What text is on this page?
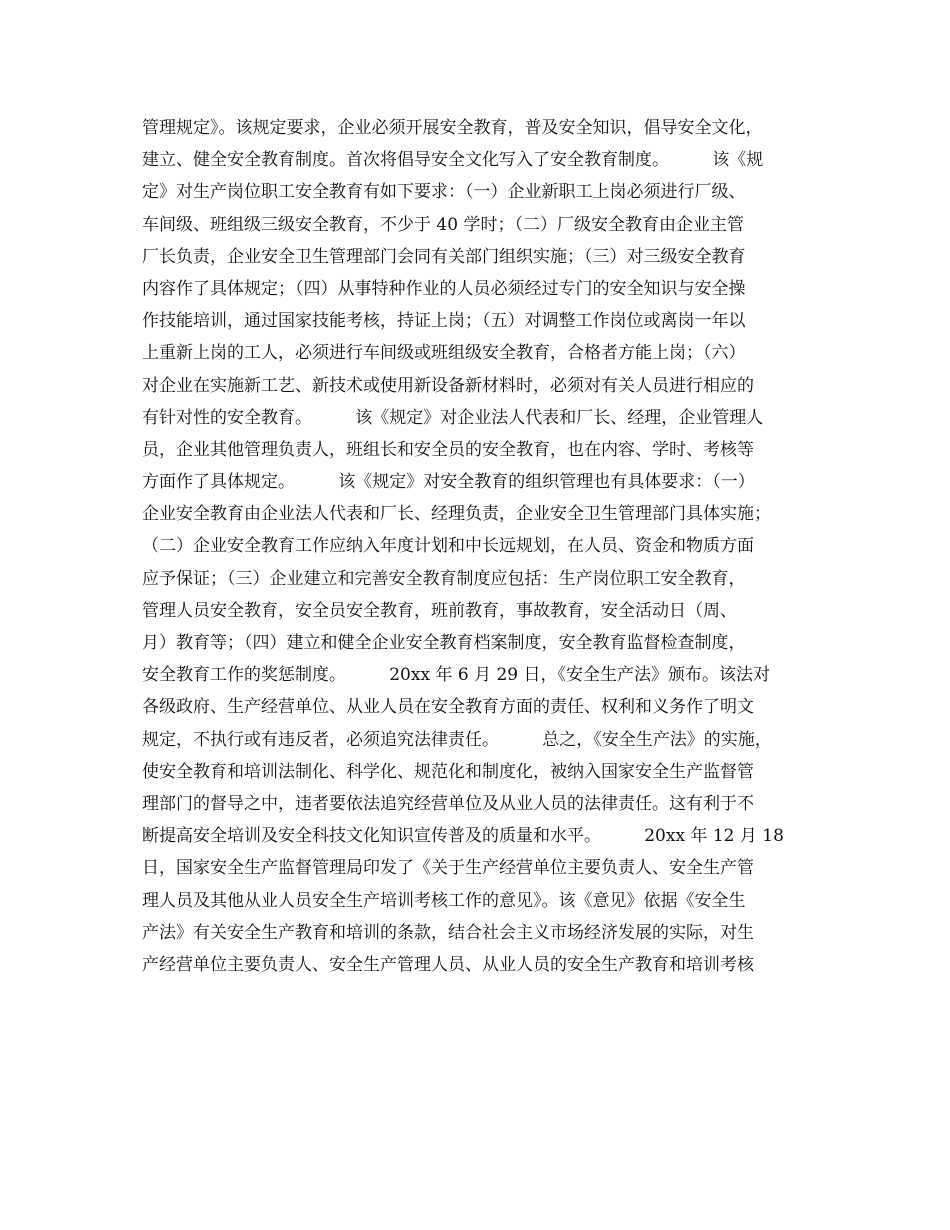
管理规定》。该规定要求，企业必须开展安全教育，普及安全知识，倡导安全文化，
建立、健全安全教育制度。首次将倡导安全文化写入了安全教育制度。        该《规
定》对生产岗位职工安全教育有如下要求：（一）企业新职工上岗必须进行厂级、
车间级、班组级三级安全教育，不少于 40 学时；（二）厂级安全教育由企业主管
厂长负责，企业安全卫生管理部门会同有关部门组织实施；（三）对三级安全教育
内容作了具体规定；（四）从事特种作业的人员必须经过专门的安全知识与安全操
作技能培训，通过国家技能考核，持证上岗；（五）对调整工作岗位或离岗一年以
上重新上岗的工人，必须进行车间级或班组级安全教育，合格者方能上岗；（六）
对企业在实施新工艺、新技术或使用新设备新材料时，必须对有关人员进行相应的
有针对性的安全教育。        该《规定》对企业法人代表和厂长、经理，企业管理人
员，企业其他管理负责人，班组长和安全员的安全教育，也在内容、学时、考核等
方面作了具体规定。        该《规定》对安全教育的组织管理也有具体要求：（一）
企业安全教育由企业法人代表和厂长、经理负责，企业安全卫生管理部门具体实施；
（二）企业安全教育工作应纳入年度计划和中长远规划，在人员、资金和物质方面
应予保证；（三）企业建立和完善安全教育制度应包括：生产岗位职工安全教育，
管理人员安全教育，安全员安全教育，班前教育，事故教育，安全活动日（周、
月）教育等；（四）建立和健全企业安全教育档案制度，安全教育监督检查制度，
安全教育工作的奖惩制度。        20xx 年 6 月 29 日，《安全生产法》颁布。该法对
各级政府、生产经营单位、从业人员在安全教育方面的责任、权利和义务作了明文
规定，不执行或有违反者，必须追究法律责任。        总之，《安全生产法》的实施，
使安全教育和培训法制化、科学化、规范化和制度化，被纳入国家安全生产监督管
理部门的督导之中，违者要依法追究经营单位及从业人员的法律责任。这有利于不
断提高安全培训及安全科技文化知识宣传普及的质量和水平。        20xx 年 12 月 18
日，国家安全生产监督管理局印发了《关于生产经营单位主要负责人、安全生产管
理人员及其他从业人员安全生产培训考核工作的意见》。该《意见》依据《安全生
产法》有关安全生产教育和培训的条款，结合社会主义市场经济发展的实际，对生
产经营单位主要负责人、安全生产管理人员、从业人员的安全生产教育和培训考核
